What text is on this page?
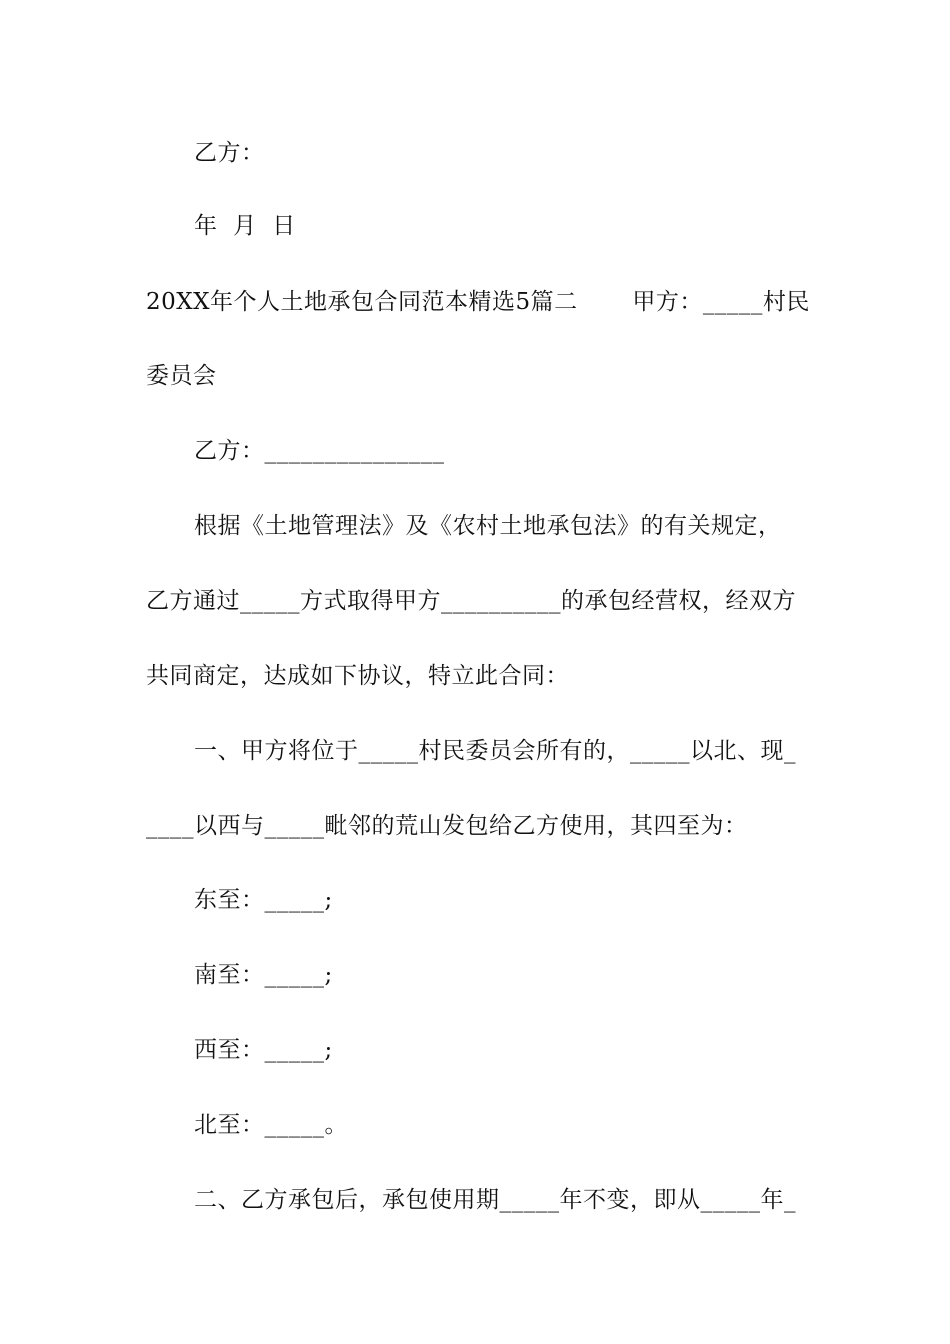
乙方：
年  月  日
20XX年个人土地承包合同范本精选5篇二       甲方：_____村民
委员会
乙方：_______________
根据《土地管理法》及《农村土地承包法》的有关规定，
乙方通过_____方式取得甲方__________的承包经营权，经双方
共同商定，达成如下协议，特立此合同：
一、甲方将位于_____村民委员会所有的，_____以北、现_
____以西与_____毗邻的荒山发包给乙方使用，其四至为：
东至：_____;
南至：_____;
西至：_____;
北至：_____。
二、乙方承包后，承包使用期_____年不变，即从_____年_
